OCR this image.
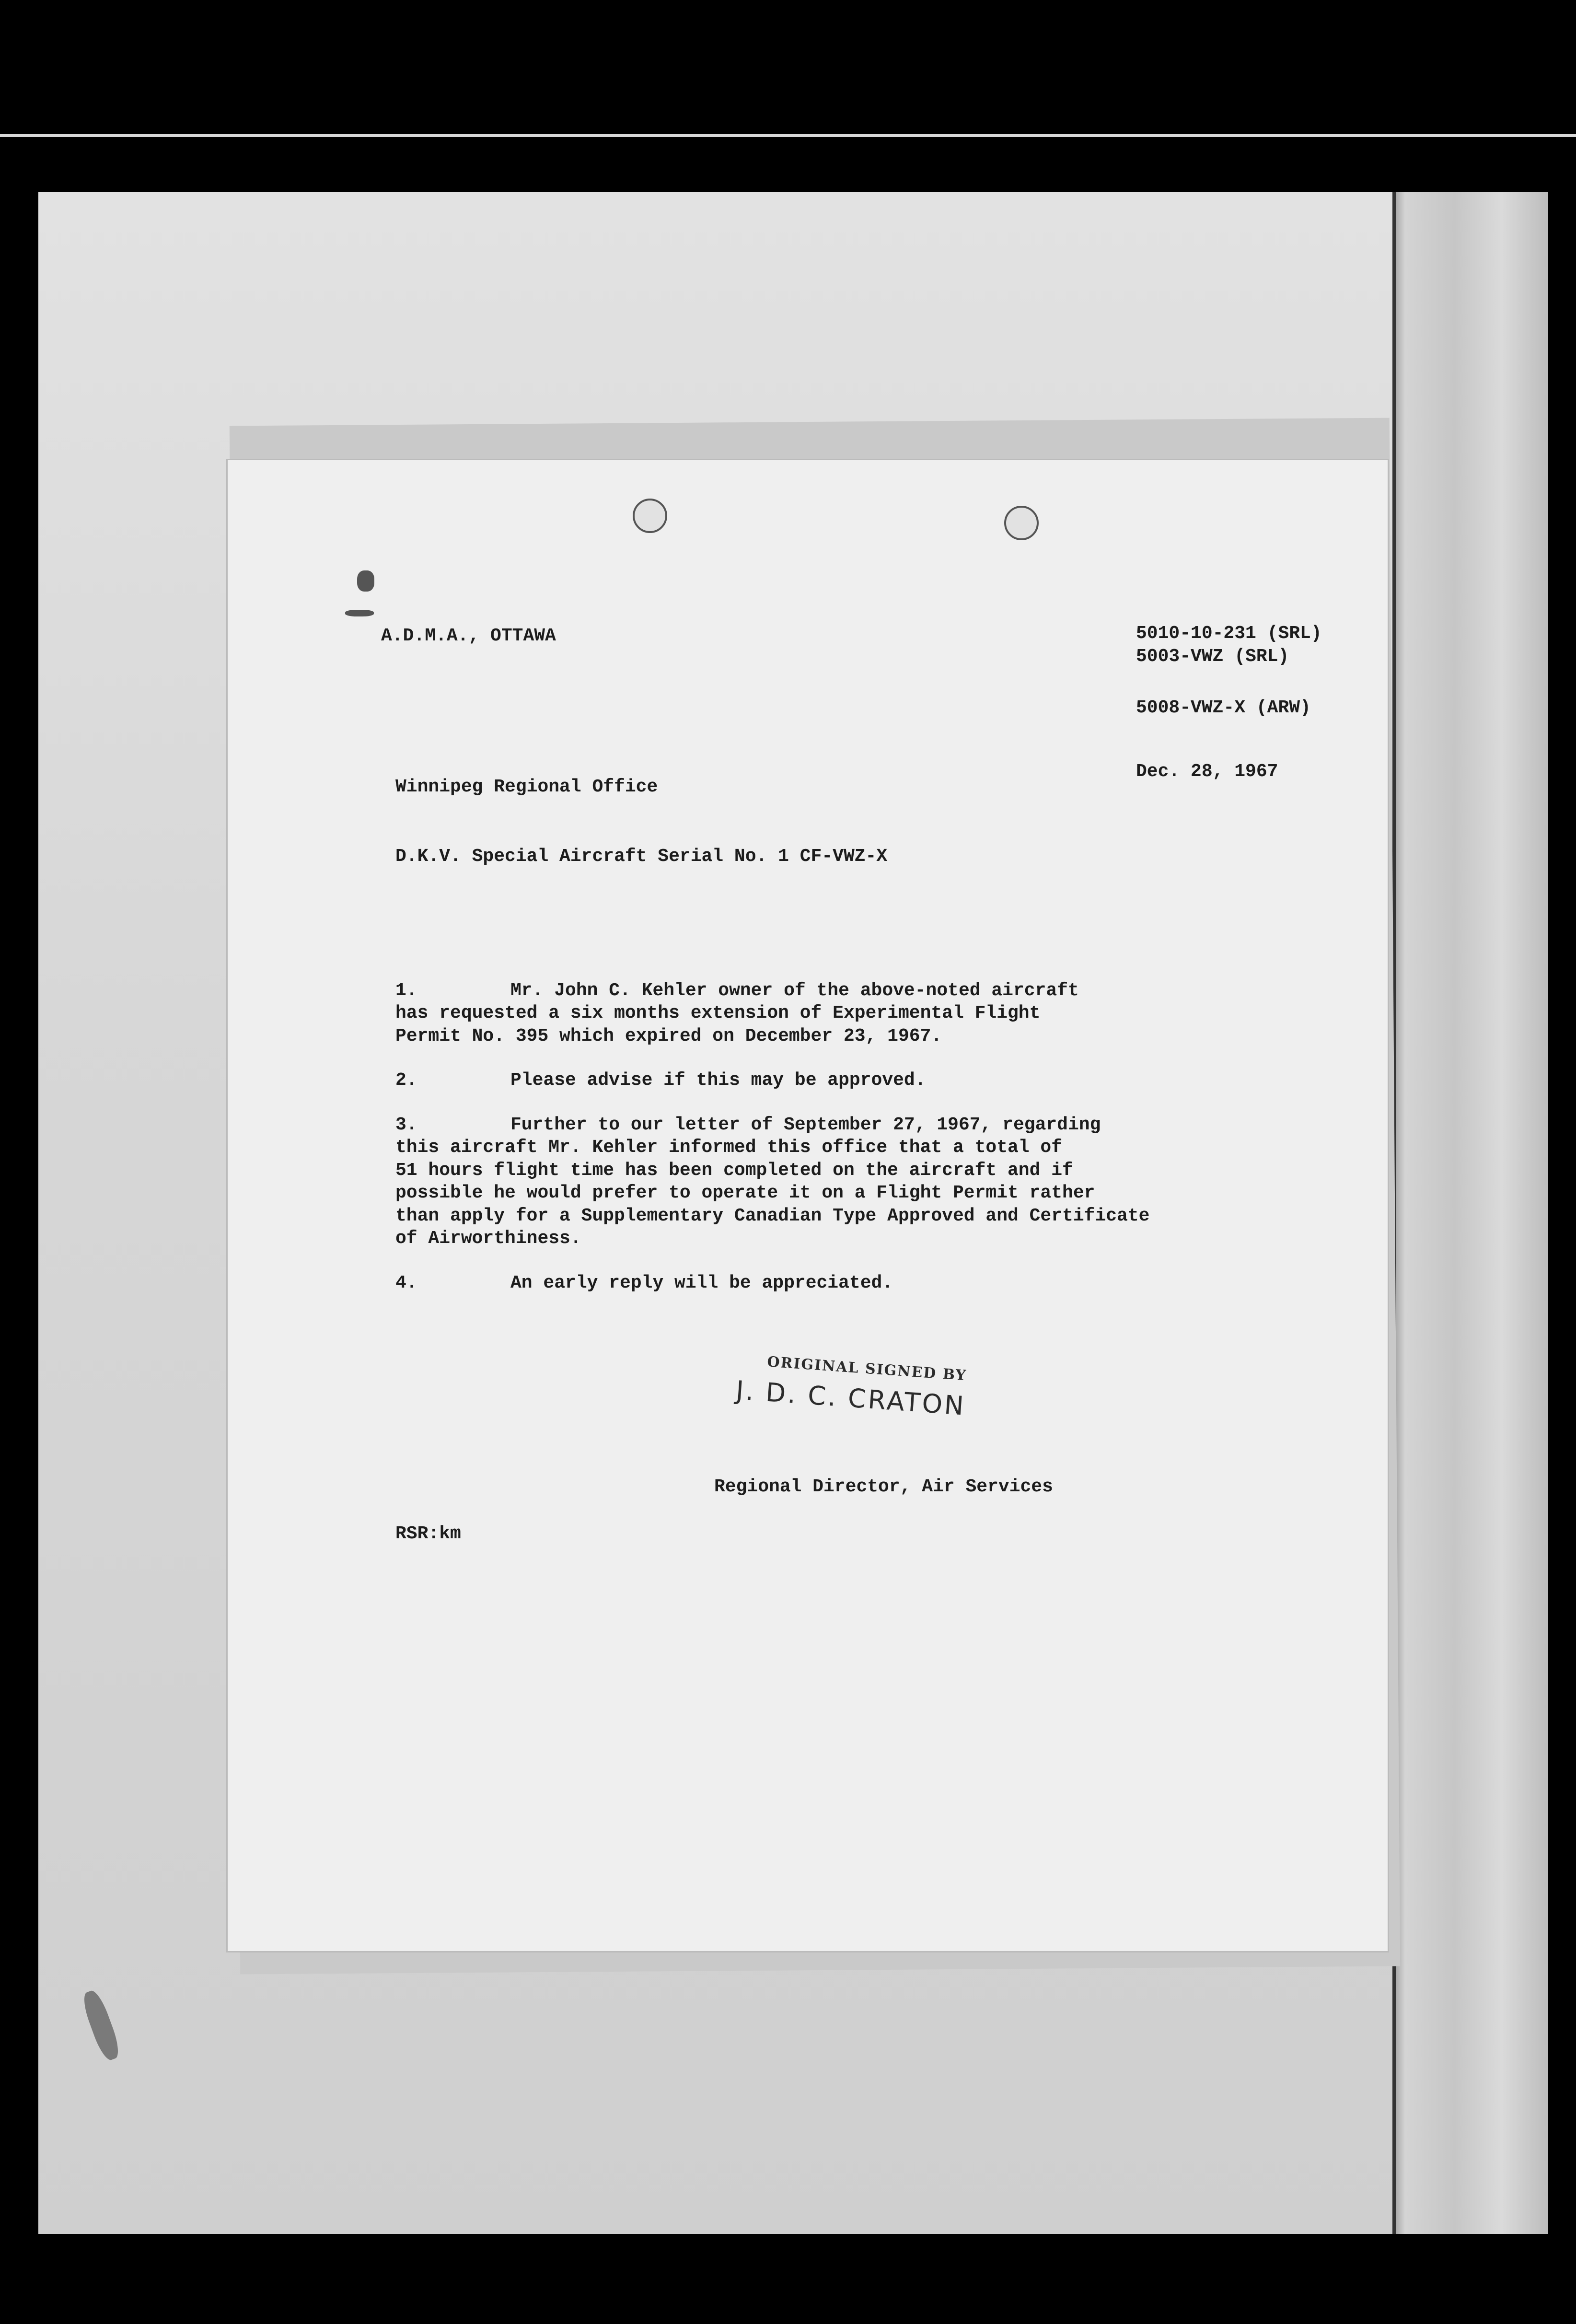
A.D.M.A., OTTAWA	5010-10-231 (SRL)
5003-VWZ (SRL)
5008-VWZ-X (ARW)
Dec. 28, 1967
Winnipeg Regional Office
D.K.V. Special Aircraft Serial No. 1 CF-VWZ-X
1.	Mr. John C. Kehler owner of the above-noted aircraft
has requested a six months extension of Experimental Flight
Permit No. 395 which expired on December 23, 1967.
2.	Please advise if this may be approved.
3.	Further to our letter of September 27, 1967, regarding
this aircraft Mr. Kehler informed this office that a total of
51 hours flight time has been completed on the aircraft and if
possible he would prefer to operate it on a Flight Permit rather
than apply for a Supplementary Canadian Type Approved and Certificate
of Airworthiness.
4.	An early reply will be appreciated.
ORIGINAL SIGNED BY
J. D. C. CRATON
Regional Director, Air Services
RSR:km
